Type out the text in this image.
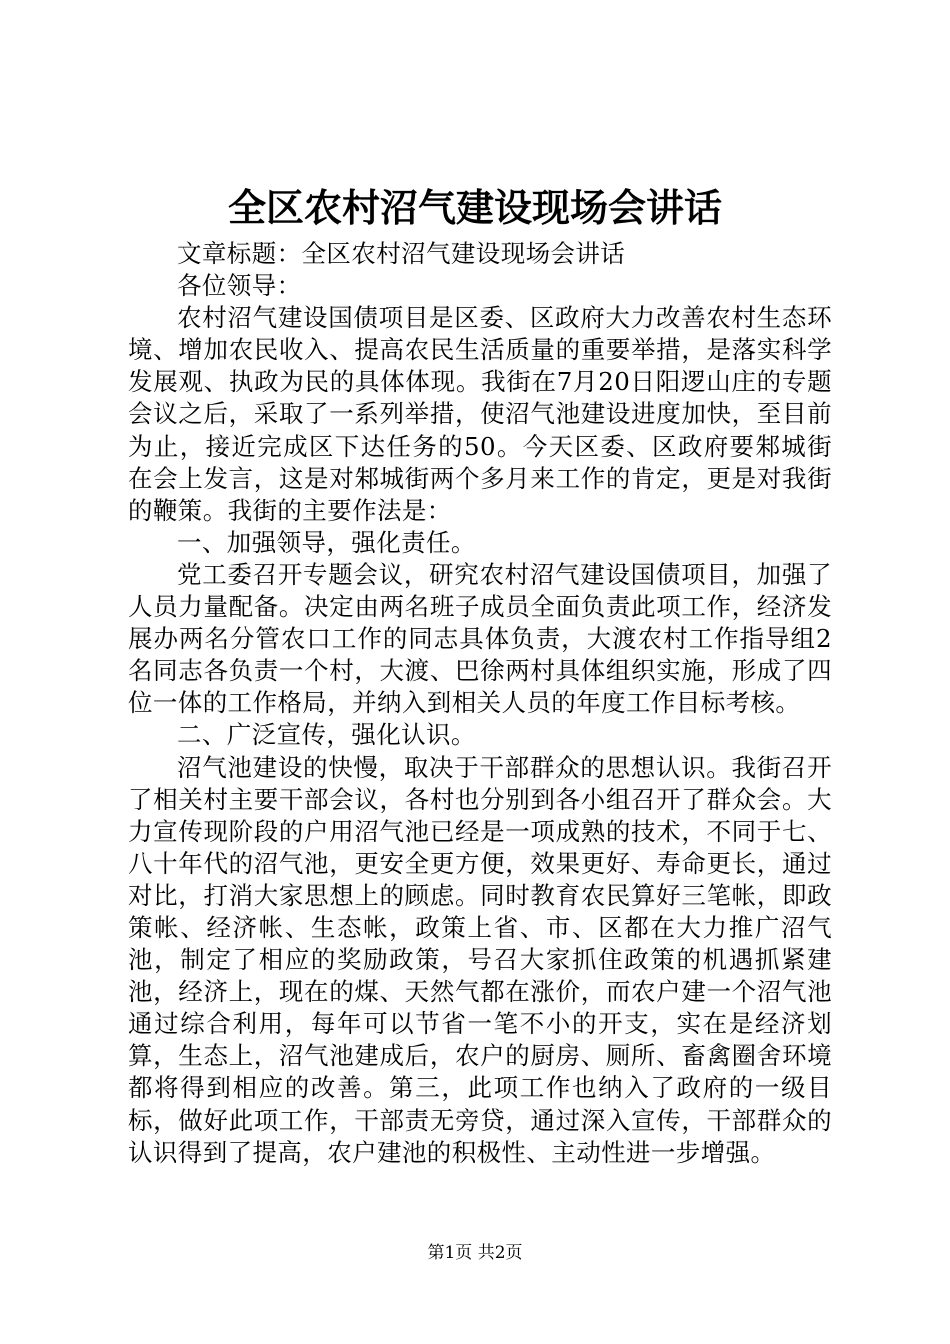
全区农村沼气建设现场会讲话

文章标题：全区农村沼气建设现场会讲话

各位领导：

农村沼气建设国债项目是区委、区政府大力改善农村生态环境、增加农民收入、提高农民生活质量的重要举措，是落实科学发展观、执政为民的具体体现。我街在7月20日阳逻山庄的专题会议之后，采取了一系列举措，使沼气池建设进度加快，至目前为止，接近完成区下达任务的50。今天区委、区政府要邾城街在会上发言，这是对邾城街两个多月来工作的肯定，更是对我街的鞭策。我街的主要作法是：

一、加强领导，强化责任。

党工委召开专题会议，研究农村沼气建设国债项目，加强了人员力量配备。决定由两名班子成员全面负责此项工作，经济发展办两名分管农口工作的同志具体负责，大渡农村工作指导组2名同志各负责一个村，大渡、巴徐两村具体组织实施，形成了四位一体的工作格局，并纳入到相关人员的年度工作目标考核。

二、广泛宣传，强化认识。

沼气池建设的快慢，取决于干部群众的思想认识。我街召开了相关村主要干部会议，各村也分别到各小组召开了群众会。大力宣传现阶段的户用沼气池已经是一项成熟的技术，不同于七、八十年代的沼气池，更安全更方便，效果更好、寿命更长，通过对比，打消大家思想上的顾虑。同时教育农民算好三笔帐，即政策帐、经济帐、生态帐，政策上省、市、区都在大力推广沼气池，制定了相应的奖励政策，号召大家抓住政策的机遇抓紧建池，经济上，现在的煤、天然气都在涨价，而农户建一个沼气池通过综合利用，每年可以节省一笔不小的开支，实在是经济划算，生态上，沼气池建成后，农户的厨房、厕所、畜禽圈舍环境都将得到相应的改善。第三，此项工作也纳入了政府的一级目标，做好此项工作，干部责无旁贷，通过深入宣传，干部群众的认识得到了提高，农户建池的积极性、主动性进一步增强。

第1页 共2页
